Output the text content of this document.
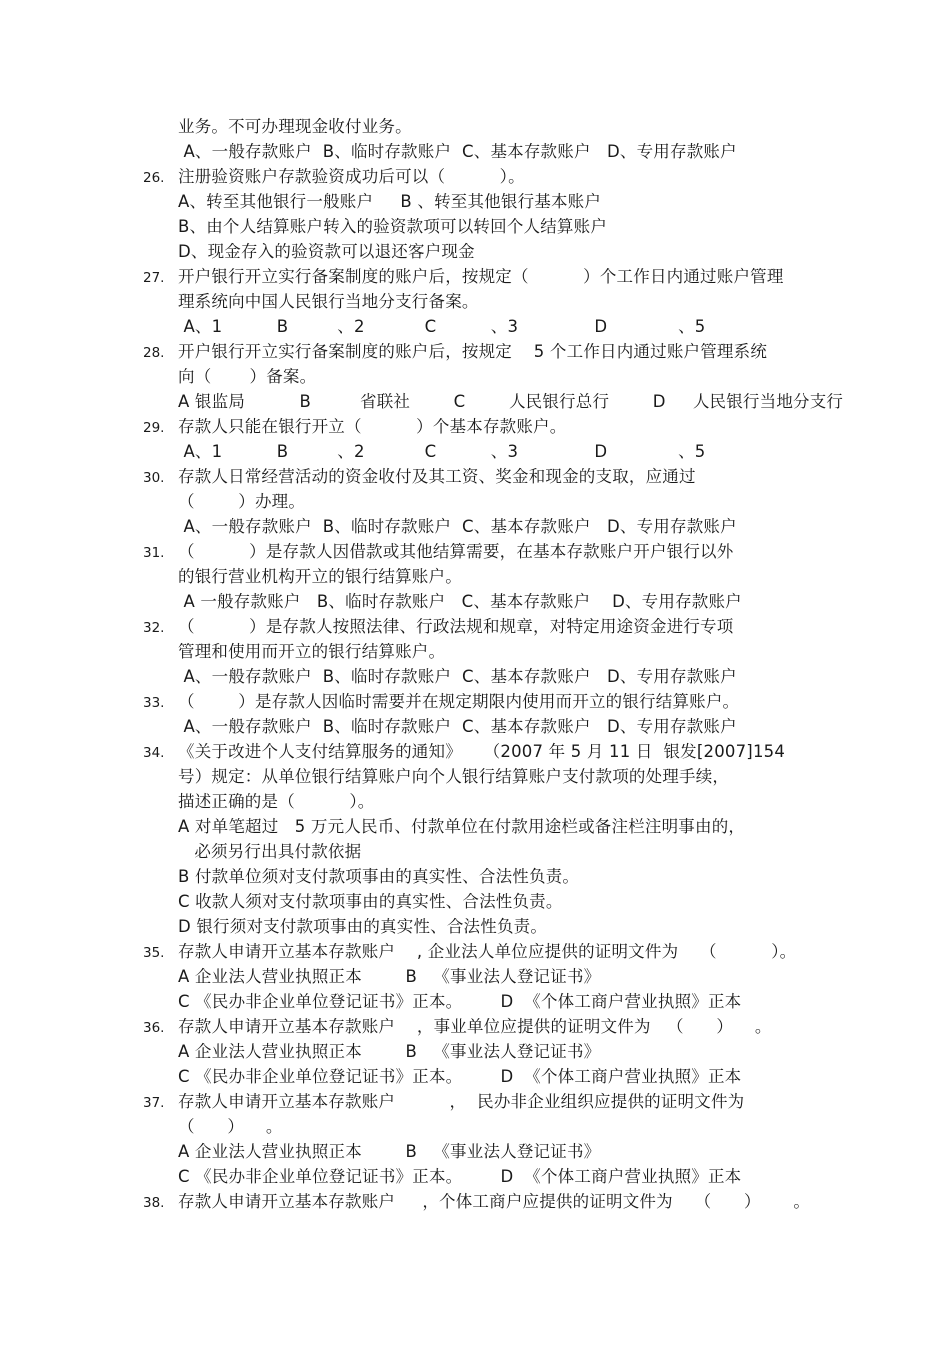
业务。不可办理现金收付业务。
A、一般存款账户  B、临时存款账户  C、基本存款账户   D、专用存款账户
26. 注册验资账户存款验资成功后可以（          ）。
A、转至其他银行一般账户     B 、转至其他银行基本账户
B、由个人结算账户转入的验资款项可以转回个人结算账户
D、现金存入的验资款可以退还客户现金
27. 开户银行开立实行备案制度的账户后，按规定（          ）个工作日内通过账户管理
理系统向中国人民银行当地分支行备案。
A、1          B         、2           C          、3              D             、5
28. 开户银行开立实行备案制度的账户后，按规定    5 个工作日内通过账户管理系统
向（       ）备案。
A 银监局          B         省联社        C        人民银行总行        D     人民银行当地分支行
29. 存款人只能在银行开立（          ）个基本存款账户。
A、1          B         、2           C          、3              D             、5
30. 存款人日常经营活动的资金收付及其工资、奖金和现金的支取，应通过
（        ）办理。
A、一般存款账户  B、临时存款账户  C、基本存款账户   D、专用存款账户
31. （          ）是存款人因借款或其他结算需要，在基本存款账户开户银行以外
的银行营业机构开立的银行结算账户。
A 一般存款账户   B、临时存款账户   C、基本存款账户    D、专用存款账户
32. （          ）是存款人按照法律、行政法规和规章，对特定用途资金进行专项
管理和使用而开立的银行结算账户。
A、一般存款账户  B、临时存款账户  C、基本存款账户   D、专用存款账户
33. （        ）是存款人因临时需要并在规定期限内使用而开立的银行结算账户。
A、一般存款账户  B、临时存款账户  C、基本存款账户   D、专用存款账户
34. 《关于改进个人支付结算服务的通知》    （2007 年 5 月 11 日  银发[2007]154
号）规定：从单位银行结算账户向个人银行结算账户支付款项的处理手续，
描述正确的是（          ）。
A 对单笔超过   5 万元人民币、付款单位在付款用途栏或备注栏注明事由的，
必须另行出具付款依据
B 付款单位须对支付款项事由的真实性、合法性负责。
C 收款人须对支付款项事由的真实性、合法性负责。
D 银行须对支付款项事由的真实性、合法性负责。
35. 存款人申请开立基本存款账户    , 企业法人单位应提供的证明文件为    （          ）。
A 企业法人营业执照正本        B   《事业法人登记证书》
C 《民办非企业单位登记证书》正本。       D  《个体工商户营业执照》正本
36. 存款人申请开立基本存款账户    ，事业单位应提供的证明文件为   （      ）    。
A 企业法人营业执照正本        B   《事业法人登记证书》
C 《民办非企业单位登记证书》正本。       D  《个体工商户营业执照》正本
37. 存款人申请开立基本存款账户          ，  民办非企业组织应提供的证明文件为
（      ）    。
A 企业法人营业执照正本        B   《事业法人登记证书》
C 《民办非企业单位登记证书》正本。       D  《个体工商户营业执照》正本
38. 存款人申请开立基本存款账户     ，个体工商户应提供的证明文件为    （      ）      。
